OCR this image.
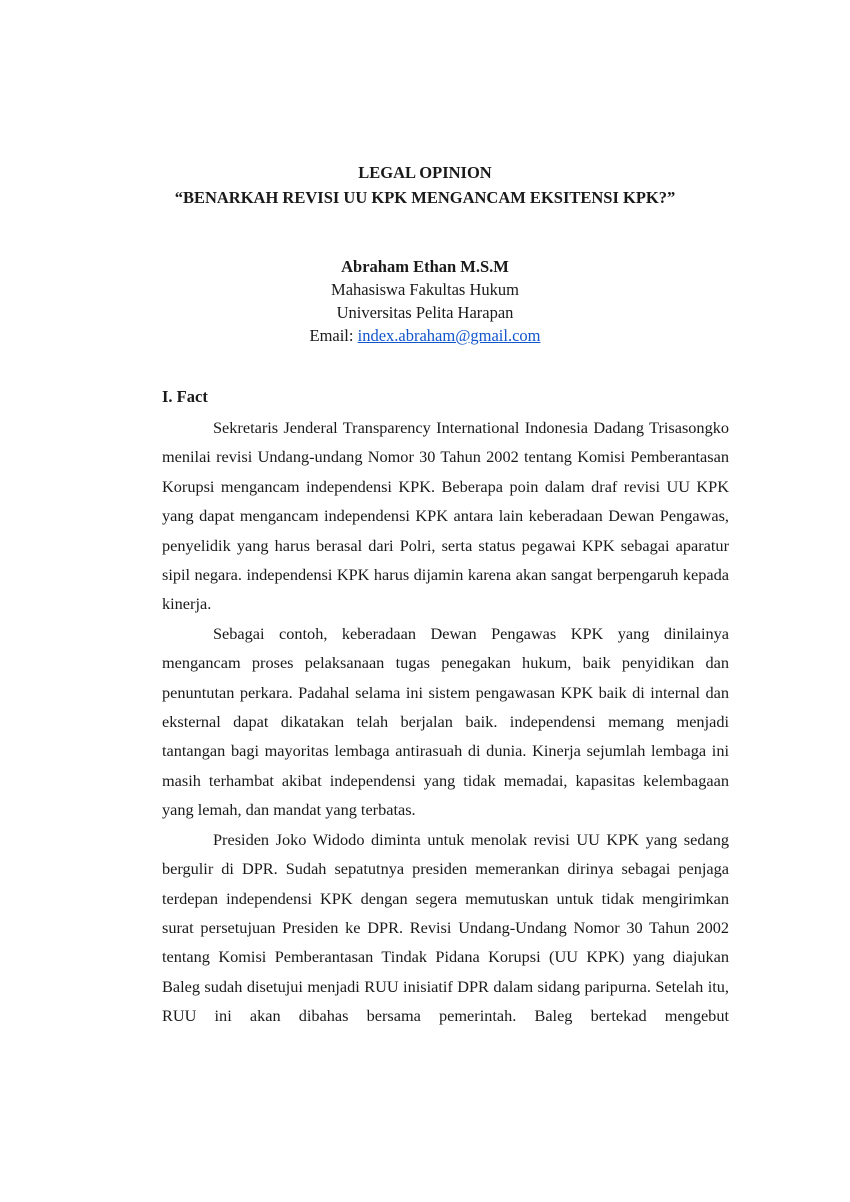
LEGAL OPINION

“BENARKAH REVISI UU KPK MENGANCAM EKSITENSI KPK?”

Abraham Ethan M.S.M
Mahasiswa Fakultas Hukum
Universitas Pelita Harapan
Email: index.abraham@gmail.com

I. Fact

Sekretaris Jenderal Transparency International Indonesia Dadang Trisasongko menilai revisi Undang-undang Nomor 30 Tahun 2002 tentang Komisi Pemberantasan Korupsi mengancam independensi KPK. Beberapa poin dalam draf revisi UU KPK yang dapat mengancam independensi KPK antara lain keberadaan Dewan Pengawas, penyelidik yang harus berasal dari Polri, serta status pegawai KPK sebagai aparatur sipil negara. independensi KPK harus dijamin karena akan sangat berpengaruh kepada kinerja.

Sebagai contoh, keberadaan Dewan Pengawas KPK yang dinilainya mengancam proses pelaksanaan tugas penegakan hukum, baik penyidikan dan penuntutan perkara. Padahal selama ini sistem pengawasan KPK baik di internal dan eksternal dapat dikatakan telah berjalan baik. independensi memang menjadi tantangan bagi mayoritas lembaga antirasuah di dunia. Kinerja sejumlah lembaga ini masih terhambat akibat independensi yang tidak memadai, kapasitas kelembagaan yang lemah, dan mandat yang terbatas.

Presiden Joko Widodo diminta untuk menolak revisi UU KPK yang sedang bergulir di DPR. Sudah sepatutnya presiden memerankan dirinya sebagai penjaga terdepan independensi KPK dengan segera memutuskan untuk tidak mengirimkan surat persetujuan Presiden ke DPR. Revisi Undang-Undang Nomor 30 Tahun 2002 tentang Komisi Pemberantasan Tindak Pidana Korupsi (UU KPK) yang diajukan Baleg sudah disetujui menjadi RUU inisiatif DPR dalam sidang paripurna. Setelah itu, RUU ini akan dibahas bersama pemerintah. Baleg bertekad mengebut
